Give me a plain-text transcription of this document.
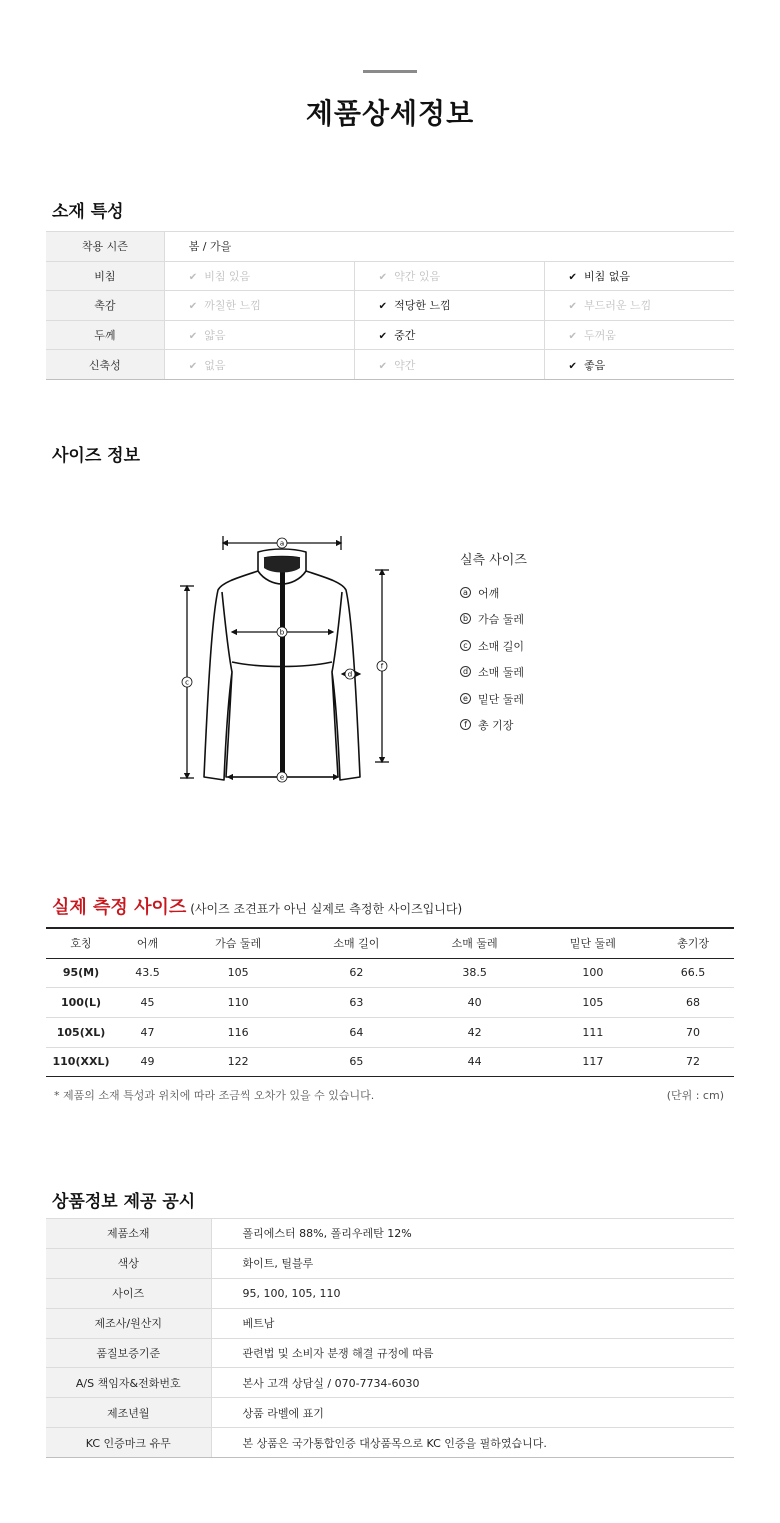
제품상세정보
소재 특성
착용 시즌	봄 / 가을		
비침	✔ 비침 있음	✔ 약간 있음	✔ 비침 없음
촉감	✔ 까칠한 느낌	✔ 적당한 느낌	✔ 부드러운 느낌
두께	✔ 얇음	✔ 중간	✔ 두꺼움
신축성	✔ 없음	✔ 약간	✔ 좋음
사이즈 정보
a
b
c
d
e
f
실측 사이즈
a 어깨
b 가슴 둘레
c 소매 길이
d 소매 둘레
e 밑단 둘레
f	총 기장
실제 측정 사이즈 (사이즈 조견표가 아닌 실제로 측정한 사이즈입니다)
호칭	어깨	가슴 둘레	소매 길이	소매 둘레	밑단 둘레	총기장
95(M)	43.5	105	62	38.5	100	66.5
100(L)	45	110	63	40	105	68
105(XL)	47	116	64	42	111	70
110(XXL)	49	122	65	44	117	72
* 제품의 소재 특성과 위치에 따라 조금씩 오차가 있을 수 있습니다.	(단위 : cm)
상품정보 제공 공시
제품소재	폴리에스터 88%, 폴리우레탄 12%
색상	화이트, 틸블루
사이즈	95, 100, 105, 110
제조사/원산지	베트남
품질보증기준	관련법 및 소비자 분쟁 해결 규정에 따름
A/S 책임자&전화번호	본사 고객 상담실 / 070-7734-6030
제조년월	상품 라벨에 표기
KC 인증마크 유무	본 상품은 국가통합인증 대상품목으로 KC 인증을 필하였습니다.
